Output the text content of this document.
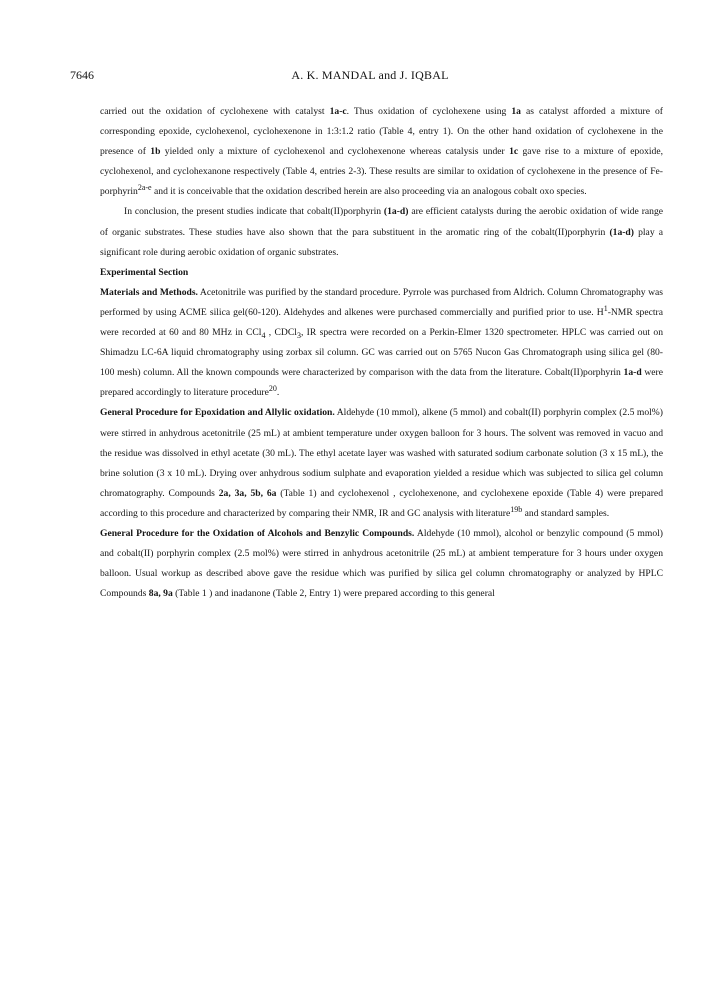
7646	A. K. MANDAL and J. IQBAL

carried out the oxidation of cyclohexene with catalyst 1a-c. Thus oxidation of cyclohexene using 1a as catalyst afforded a mixture of corresponding epoxide, cyclohexenol, cyclohexenone in 1:3:1.2 ratio (Table 4, entry 1). On the other hand oxidation of cyclohexene in the presence of 1b yielded only a mixture of cyclohexenol and cyclohexenone whereas catalysis under 1c gave rise to a mixture of epoxide, cyclohexenol, and cyclohexanone respectively (Table 4, entries 2-3). These results are similar to oxidation of cyclohexene in the presence of Fe-porphyrin$^{2a-e}$ and it is conceivable that the oxidation described herein are also proceeding via an analogous cobalt oxo species.

In conclusion, the present studies indicate that cobalt(II)porphyrin (1a-d) are efficient catalysts during the aerobic oxidation of wide range of organic substrates. These studies have also shown that the para substituent in the aromatic ring of the cobalt(II)porphyrin (1a-d) play a significant role during aerobic oxidation of organic substrates.

Experimental Section

Materials and Methods. Acetonitrile was purified by the standard procedure. Pyrrole was purchased from Aldrich. Column Chromatography was performed by using ACME silica gel(60-120). Aldehydes and alkenes were purchased commercially and purified prior to use. $H^1$-NMR spectra were recorded at 60 and 80 MHz in CCl$_4$ , CDCl$_3$, IR spectra were recorded on a Perkin-Elmer 1320 spectrometer. HPLC was carried out on Shimadzu LC-6A liquid chromatography using zorbax sil column. GC was carried out on 5765 Nucon Gas Chromatograph using silica gel (80-100 mesh) column. All the known compounds were characterized by comparison with the data from the literature. Cobalt(II)porphyrin 1a-d were prepared accordingly to literature procedure$^{20}$.

General Procedure for Epoxidation and Allylic oxidation. Aldehyde (10 mmol), alkene (5 mmol) and cobalt(II) porphyrin complex (2.5 mol%) were stirred in anhydrous acetonitrile (25 mL) at ambient temperature under oxygen balloon for 3 hours. The solvent was removed in vacuo and the residue was dissolved in ethyl acetate (30 mL). The ethyl acetate layer was washed with saturated sodium carbonate solution (3 x 15 mL), the brine solution (3 x 10 mL). Drying over anhydrous sodium sulphate and evaporation yielded a residue which was subjected to silica gel column chromatography. Compounds 2a, 3a, 5b, 6a (Table 1) and cyclohexenol , cyclohexenone, and cyclohexene epoxide (Table 4) were prepared according to this procedure and characterized by comparing their NMR, IR and GC analysis with literature$^{19b}$ and standard samples.

General Procedure for the Oxidation of Alcohols and Benzylic Compounds. Aldehyde (10 mmol), alcohol or benzylic compound (5 mmol) and cobalt(II) porphyrin complex (2.5 mol%) were stirred in anhydrous acetonitrile (25 mL) at ambient temperature for 3 hours under oxygen balloon. Usual workup as described above gave the residue which was purified by silica gel column chromatography or analyzed by HPLC Compounds 8a, 9a (Table 1 ) and inadanone (Table 2, Entry 1) were prepared according to this general
